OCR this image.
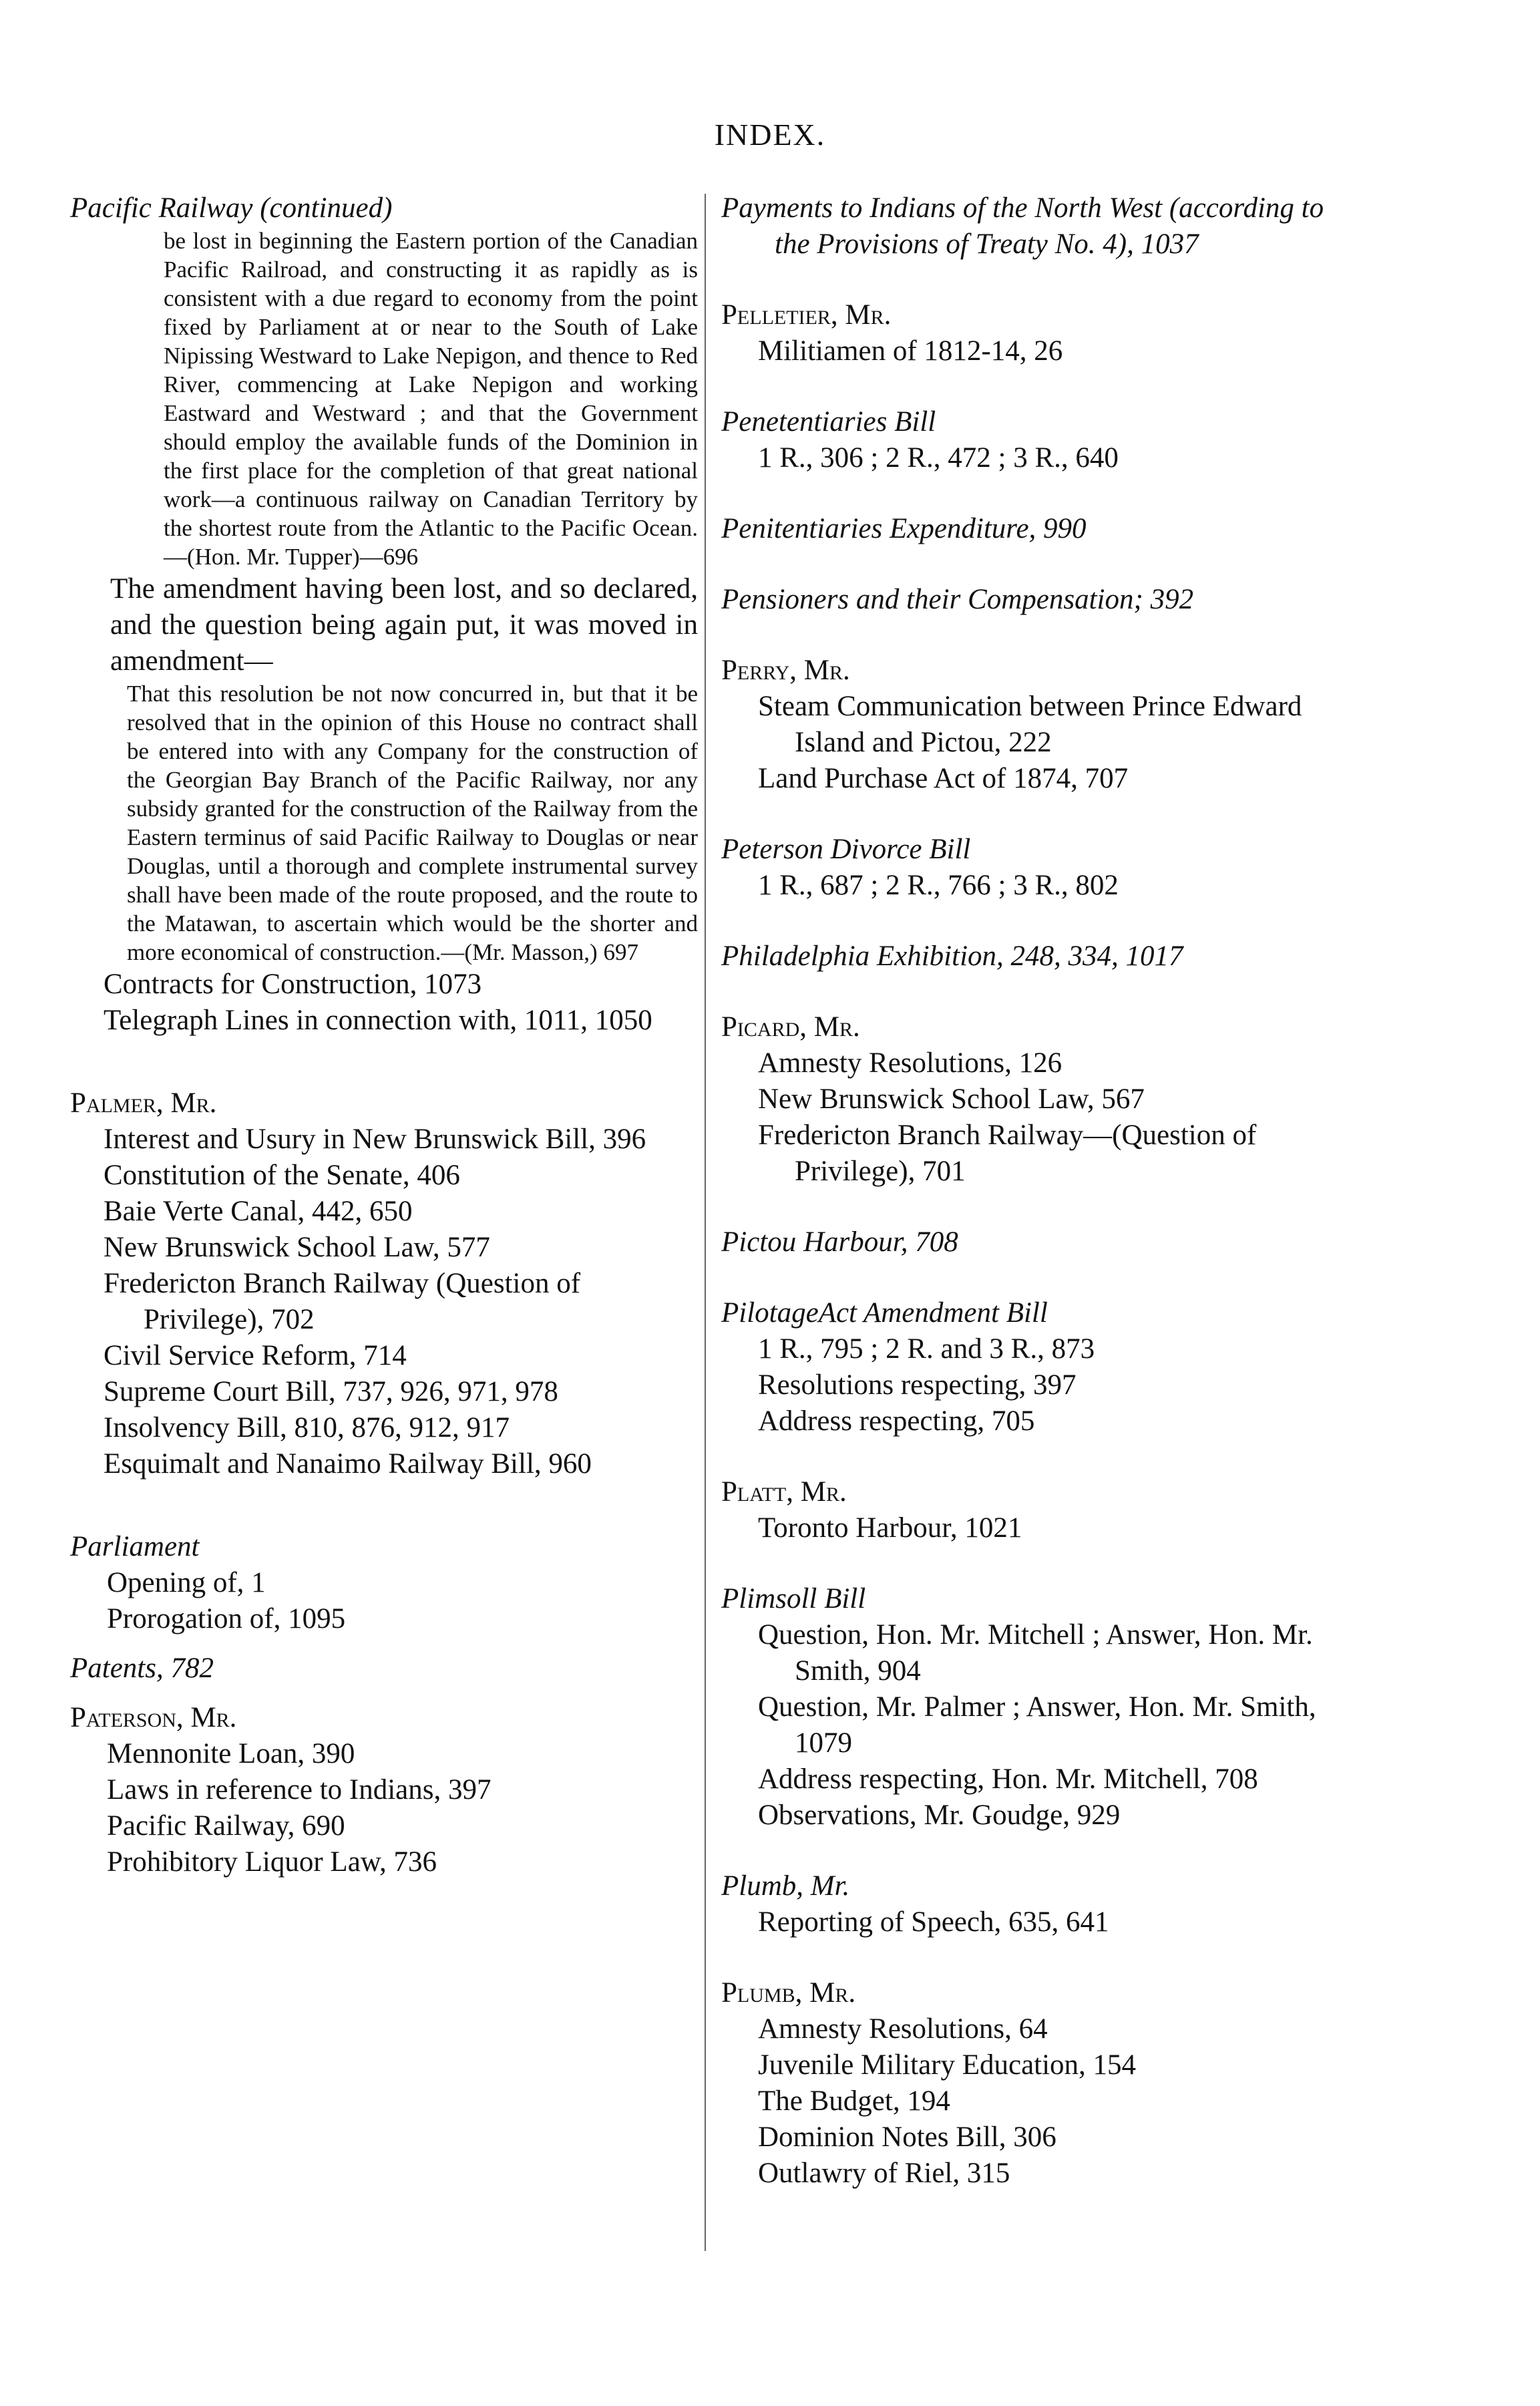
INDEX.
Pacific Railway (continued)
be lost in beginning the Eastern portion of the Canadian Pacific Railroad, and constructing it as rapidly as is consistent with a due regard to economy from the point fixed by Parliament at or near to the South of Lake Nipissing Westward to Lake Nepigon, and thence to Red River, commencing at Lake Nepigon and working Eastward and Westward ; and that the Government should employ the available funds of the Dominion in the first place for the completion of that great national work—a continuous railway on Canadian Territory by the shortest route from the Atlantic to the Pacific Ocean.—(Hon. Mr. Tupper)—696
The amendment having been lost, and so declared, and the question being again put, it was moved in amendment—
That this resolution be not now concurred in, but that it be resolved that in the opinion of this House no contract shall be entered into with any Company for the construction of the Georgian Bay Branch of the Pacific Railway, nor any subsidy granted for the construction of the Railway from the Eastern terminus of said Pacific Railway to Douglas or near Douglas, until a thorough and complete instrumental survey shall have been made of the route proposed, and the route to the Matawan, to ascertain which would be the shorter and more economical of construction.—(Mr. Masson,) 697
Contracts for Construction, 1073
Telegraph Lines in connection with, 1011, 1050
Palmer, Mr.
Interest and Usury in New Brunswick Bill, 396
Constitution of the Senate, 406
Baie Verte Canal, 442, 650
New Brunswick School Law, 577
Fredericton Branch Railway (Question of Privilege), 702
Civil Service Reform, 714
Supreme Court Bill, 737, 926, 971, 978
Insolvency Bill, 810, 876, 912, 917
Esquimalt and Nanaimo Railway Bill, 960
Parliament
Opening of, 1
Prorogation of, 1095
Patents, 782
Paterson, Mr.
Mennonite Loan, 390
Laws in reference to Indians, 397
Pacific Railway, 690
Prohibitory Liquor Law, 736
Payments to Indians of the North West (according to the Provisions of Treaty No. 4), 1037
Pelletier, Mr.
Militiamen of 1812-14, 26
Penetentiaries Bill
1 R., 306 ; 2 R., 472 ; 3 R., 640
Penitentiaries Expenditure, 990
Pensioners and their Compensation; 392
Perry, Mr.
Steam Communication between Prince Edward Island and Pictou, 222
Land Purchase Act of 1874, 707
Peterson Divorce Bill
1 R., 687 ; 2 R., 766 ; 3 R., 802
Philadelphia Exhibition, 248, 334, 1017
Picard, Mr.
Amnesty Resolutions, 126
New Brunswick School Law, 567
Fredericton Branch Railway—(Question of Privilege), 701
Pictou Harbour, 708
PilotageAct Amendment Bill
1 R., 795 ; 2 R. and 3 R., 873
Resolutions respecting, 397
Address respecting, 705
Platt, Mr.
Toronto Harbour, 1021
Plimsoll Bill
Question, Hon. Mr. Mitchell ; Answer, Hon. Mr. Smith, 904
Question, Mr. Palmer ; Answer, Hon. Mr. Smith, 1079
Address respecting, Hon. Mr. Mitchell, 708
Observations, Mr. Goudge, 929
Plumb, Mr.
Reporting of Speech, 635, 641
Plumb, Mr.
Amnesty Resolutions, 64
Juvenile Military Education, 154
The Budget, 194
Dominion Notes Bill, 306
Outlawry of Riel, 315
